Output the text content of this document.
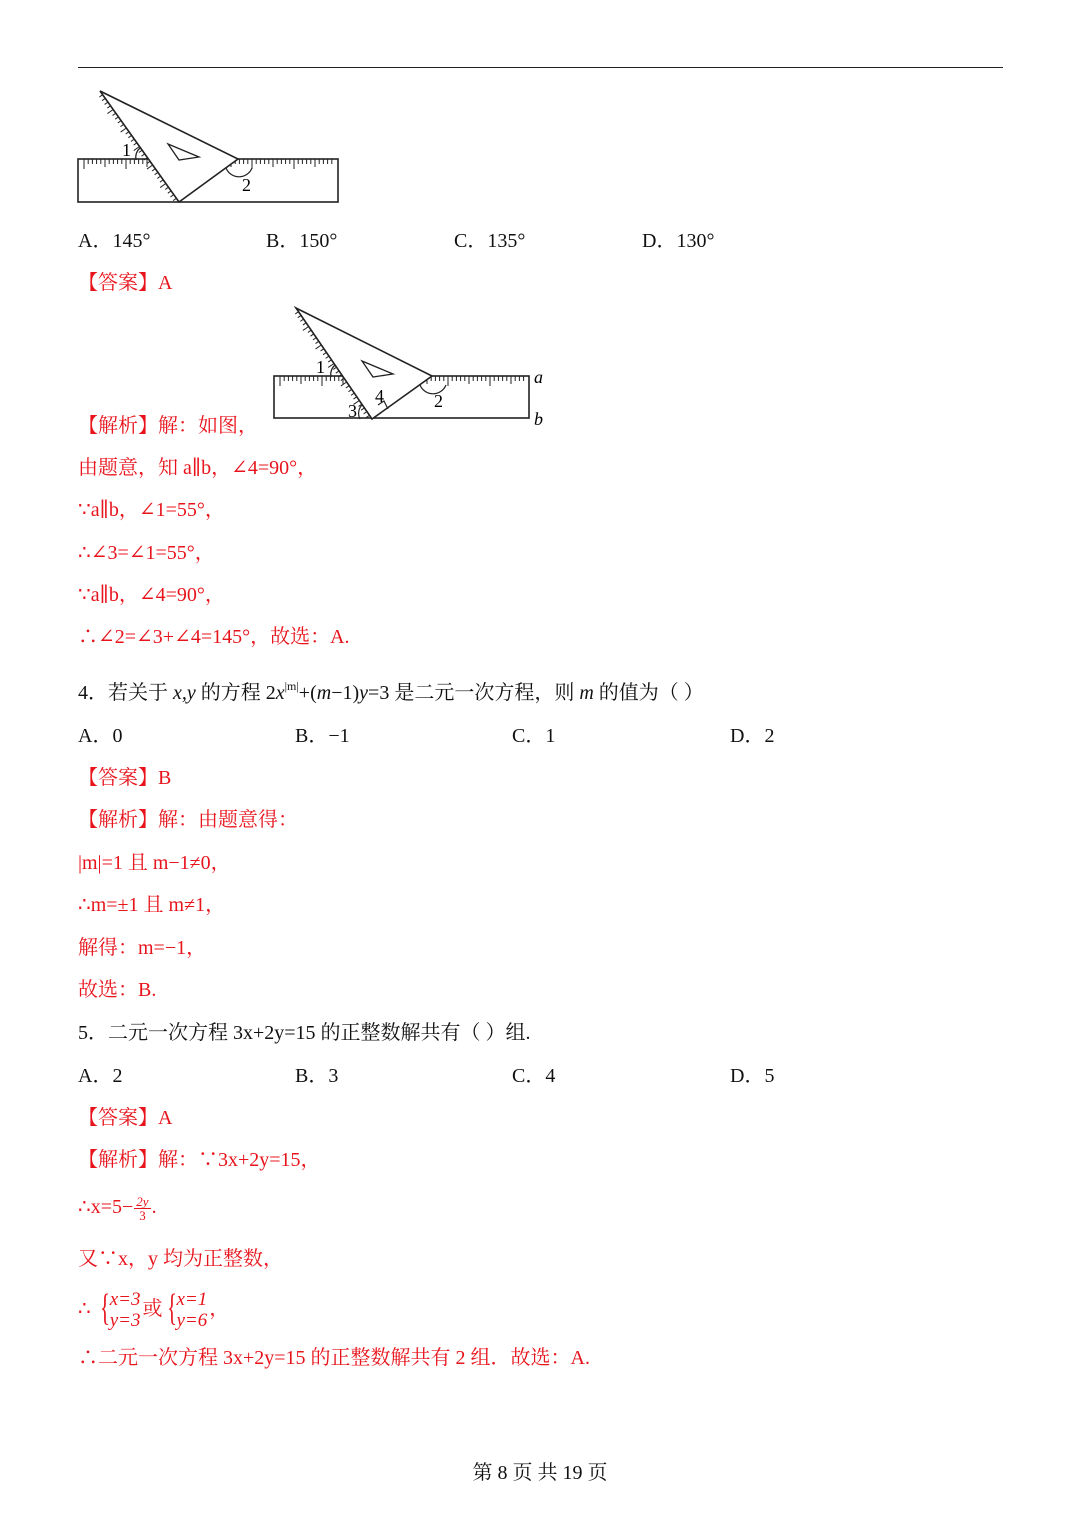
1
2
A．145°	B．150°	C．135°	D．130°
【答案】A
1
2
3
4
a
b
【解析】解：如图，
由题意，知 a∥b，∠4=90°，
∵a∥b，∠1=55°，
∴∠3=∠1=55°，
∵a∥b，∠4=90°，
∴∠2=∠3+∠4=145°，故选：A.
4．若关于 x,y 的方程 $2x^{|m|}+(m-1)y=3$ 是二元一次方程，则 m 的值为（ ）
A．0	B．−1	C．1	D．2
【答案】B
【解析】解：由题意得：
|m|=1 且 m−1≠0，
∴m=±1 且 m≠1，
解得：m=−1，
故选：B.
5．二元一次方程 3x+2y=15 的正整数解共有（ ）组.
A．2	B．3	C．4	D．5
【答案】A
【解析】解：∵3x+2y=15，
∴x=5− $\frac{2y}{3}$ .
又∵x，y 均为正整数，
∴ { x=3
y=3
或 { x=1
y=6
，
∴二元一次方程 3x+2y=15 的正整数解共有 2 组．故选：A.
第 8 页 共 19 页
